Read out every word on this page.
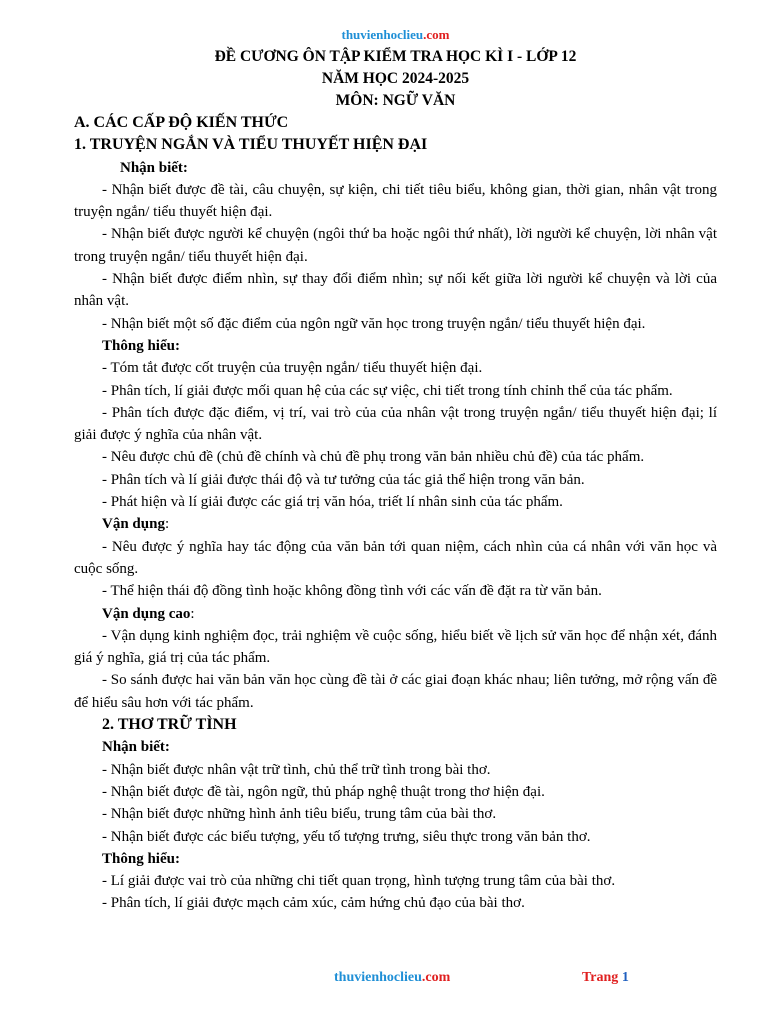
thuvienhoclieu.com
ĐỀ CƯƠNG ÔN TẬP KIỂM TRA HỌC KÌ I - LỚP 12
NĂM HỌC 2024-2025
MÔN: NGỮ VĂN
A. CÁC CẤP ĐỘ KIẾN THỨC
1. TRUYỆN NGẮN VÀ TIỂU THUYẾT HIỆN ĐẠI
Nhận biết:
- Nhận biết được đề tài, câu chuyện, sự kiện, chi tiết tiêu biểu, không gian, thời gian, nhân vật trong truyện ngắn/ tiểu thuyết hiện đại.
- Nhận biết được người kể chuyện (ngôi thứ ba hoặc ngôi thứ nhất), lời người kể chuyện, lời nhân vật trong truyện ngắn/ tiểu thuyết hiện đại.
- Nhận biết được điểm nhìn, sự thay đổi điểm nhìn; sự nối kết giữa lời người kể chuyện và lời của nhân vật.
- Nhận biết một số đặc điểm của ngôn ngữ văn học trong truyện ngắn/ tiểu thuyết hiện đại.
Thông hiểu:
- Tóm tắt được cốt truyện của truyện ngắn/ tiểu thuyết hiện đại.
- Phân tích, lí giải được mối quan hệ của các sự việc, chi tiết trong tính chỉnh thể của tác phẩm.
- Phân tích được đặc điểm, vị trí, vai trò của của nhân vật trong truyện ngắn/ tiểu thuyết hiện đại; lí giải được ý nghĩa của nhân vật.
- Nêu được chủ đề (chủ đề chính và chủ đề phụ trong văn bản nhiều chủ đề) của tác phẩm.
- Phân tích và lí giải được thái độ và tư tưởng của tác giả thể hiện trong văn bản.
- Phát hiện và lí giải được các giá trị văn hóa, triết lí nhân sinh của tác phẩm.
Vận dụng:
- Nêu được ý nghĩa hay tác động của văn bản tới quan niệm, cách nhìn của cá nhân với văn học và cuộc sống.
- Thể hiện thái độ đồng tình hoặc không đồng tình với các vấn đề đặt ra từ văn bản.
Vận dụng cao:
- Vận dụng kinh nghiệm đọc, trải nghiệm về cuộc sống, hiểu biết về lịch sử văn học để nhận xét, đánh giá ý nghĩa, giá trị của tác phẩm.
- So sánh được hai văn bản văn học cùng đề tài ở các giai đoạn khác nhau; liên tưởng, mở rộng vấn đề để hiểu sâu hơn với tác phẩm.
2. THƠ TRỮ TÌNH
Nhận biết:
- Nhận biết được nhân vật trữ tình, chủ thể trữ tình trong bài thơ.
- Nhận biết được đề tài, ngôn ngữ, thủ pháp nghệ thuật trong thơ hiện đại.
- Nhận biết được những hình ảnh tiêu biểu, trung tâm của bài thơ.
- Nhận biết được các biểu tượng, yếu tố tượng trưng, siêu thực trong văn bản thơ.
Thông hiểu:
- Lí giải được vai trò của những chi tiết quan trọng, hình tượng trung tâm của bài thơ.
- Phân tích, lí giải được mạch cảm xúc, cảm hứng chủ đạo của bài thơ.
thuvienhoclieu.com	Trang 1
